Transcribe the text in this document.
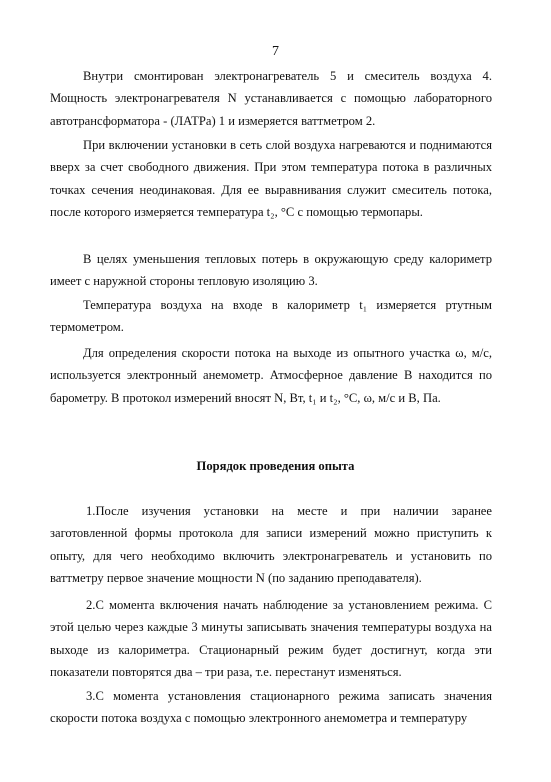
7

Внутри смонтирован электронагреватель 5 и смеситель воздуха 4. Мощность электронагревателя N устанавливается с помощью лабораторного автотрансформатора - (ЛАТРа) 1 и измеряется ваттметром 2.

При включении установки в сеть слой воздуха нагреваются и поднимаются вверх за счет свободного движения. При этом температура потока в различных точках сечения неодинаковая. Для ее выравнивания служит смеситель потока, после которого измеряется температура t₂, °С с помощью термопары.

В целях уменьшения тепловых потерь в окружающую среду калориметр имеет с наружной стороны тепловую изоляцию 3.

Температура воздуха на входе в калориметр t₁ измеряется ртутным термометром.

Для определения скорости потока на выходе из опытного участка ω, м/с, используется электронный анемометр. Атмосферное давление B находится по барометру. В протокол измерений вносят N, Вт, t₁ и t₂, °С, ω, м/с и B, Па.

Порядок проведения опыта

1.После изучения установки на месте и при наличии заранее заготовленной формы протокола для записи измерений можно приступить к опыту, для чего необходимо включить электронагреватель и установить по ваттметру первое значение мощности N (по заданию преподавателя).

2.С момента включения начать наблюдение за установлением режима. С этой целью через каждые 3 минуты записывать значения температуры воздуха на выходе из калориметра. Стационарный режим будет достигнут, когда эти показатели повторятся два – три раза, т.е. перестанут изменяться.

3.С момента установления стационарного режима записать значения скорости потока воздуха с помощью электронного анемометра и температуру
